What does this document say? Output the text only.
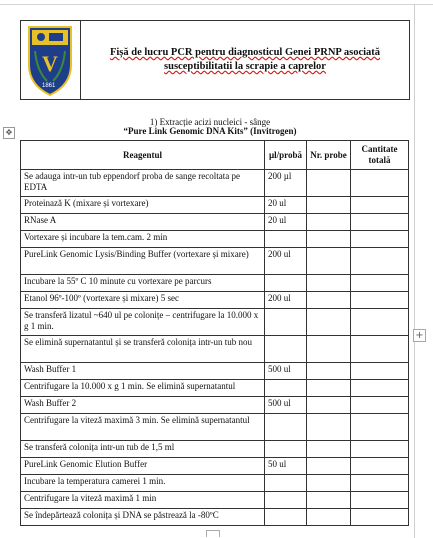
V
1861
Fișă de lucru PCR pentru diagnosticul Genei PRNP asociată susceptibilitatii la scrapie a caprelor
✥
1) Extracție acizi nucleici - sânge
“Pure Link Genomic DNA Kits” (Invitrogen)
Reagentul	µl/probă	Nr. probe	Cantitate totală
Se adauga intr-un tub eppendorf proba de sange recoltata pe EDTA	200 µl		
Proteinază K (mixare și vortexare)	20 ul		
RNase A	20 ul		
Vortexare și incubare la tem.cam. 2 min			
PureLink Genomic Lysis/Binding Buffer (vortexare și mixare)	200 ul		
Incubare la 55º C 10 minute cu vortexare pe parcurs			
Etanol 96º-100º (vortexare și mixare) 5 sec	200 ul		
Se transferă lizatul ~640 ul pe colonițe – centrifugare la 10.000 x g 1 min.			
Se elimină supernatantul și se transferă colonița intr-un tub nou			
Wash Buffer 1	500 ul		
Centrifugare la 10.000 x g 1 min. Se elimină supernatantul			
Wash Buffer 2	500 ul		
Centrifugare la viteză maximă 3 min. Se elimină supernatantul			
Se transferă colonița intr-un tub de 1,5 ml			
PureLink Genomic Elution Buffer	50 ul		
Incubare la temperatura camerei 1 min.			
Centrifugare la viteză maximă 1 min			
Se îndepărtează colonița și DNA se păstrează la -80ºC			
+
